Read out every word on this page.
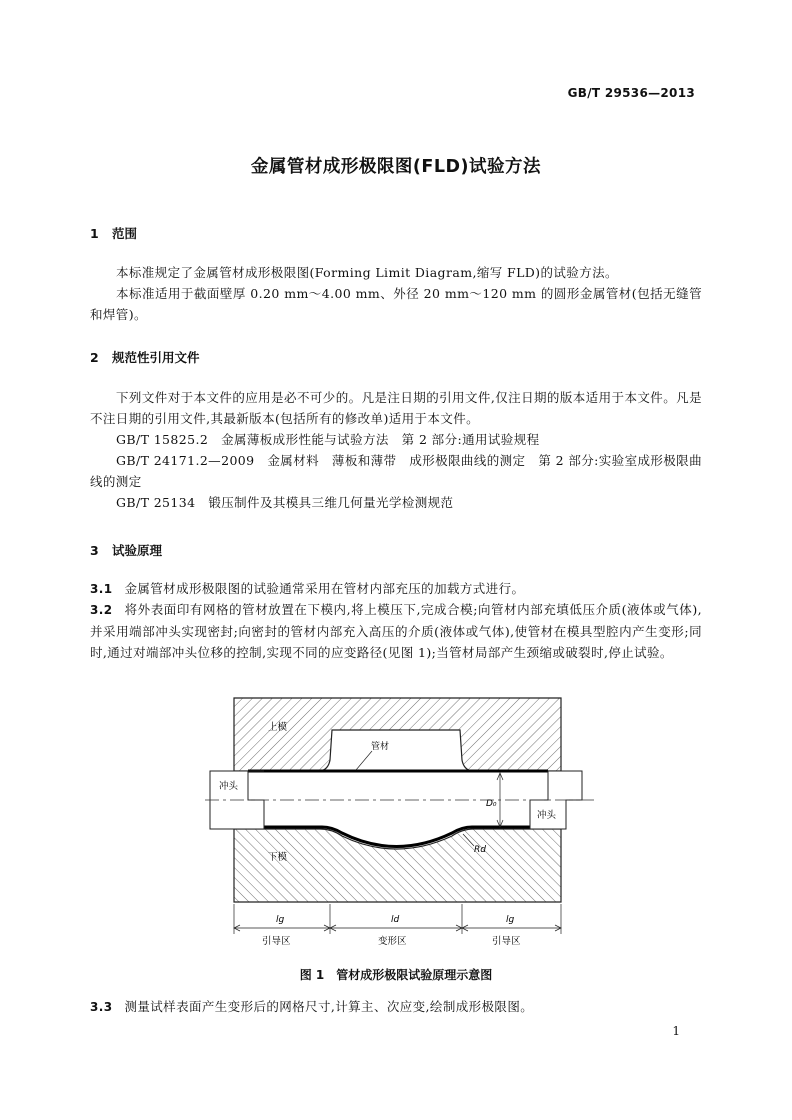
GB/T 29536—2013
金属管材成形极限图(FLD)试验方法
1 范围
本标准规定了金属管材成形极限图(Forming Limit Diagram,缩写 FLD)的试验方法。
本标准适用于截面壁厚 0.20 mm～4.00 mm、外径 20 mm～120 mm 的圆形金属管材(包括无缝管和焊管)。
2 规范性引用文件
下列文件对于本文件的应用是必不可少的。凡是注日期的引用文件,仅注日期的版本适用于本文件。凡是不注日期的引用文件,其最新版本(包括所有的修改单)适用于本文件。
GB/T 15825.2　金属薄板成形性能与试验方法　第 2 部分:通用试验规程
GB/T 24171.2—2009　金属材料　薄板和薄带　成形极限曲线的测定　第 2 部分:实验室成形极限曲线的测定
GB/T 25134　锻压制件及其模具三维几何量光学检测规范
3 试验原理
3.1 金属管材成形极限图的试验通常采用在管材内部充压的加载方式进行。
3.2 将外表面印有网格的管材放置在下模内,将上模压下,完成合模;向管材内部充填低压介质(液体或气体),并采用端部冲头实现密封;向密封的管材内部充入高压的介质(液体或气体),使管材在模具型腔内产生变形;同时,通过对端部冲头位移的控制,实现不同的应变路径(见图 1);当管材局部产生颈缩或破裂时,停止试验。
D₀
管材
Rd
上模
下模
冲头
冲头
lg	ld	lg
引导区	变形区	引导区
图 1　管材成形极限试验原理示意图
3.3 测量试样表面产生变形后的网格尺寸,计算主、次应变,绘制成形极限图。
1
